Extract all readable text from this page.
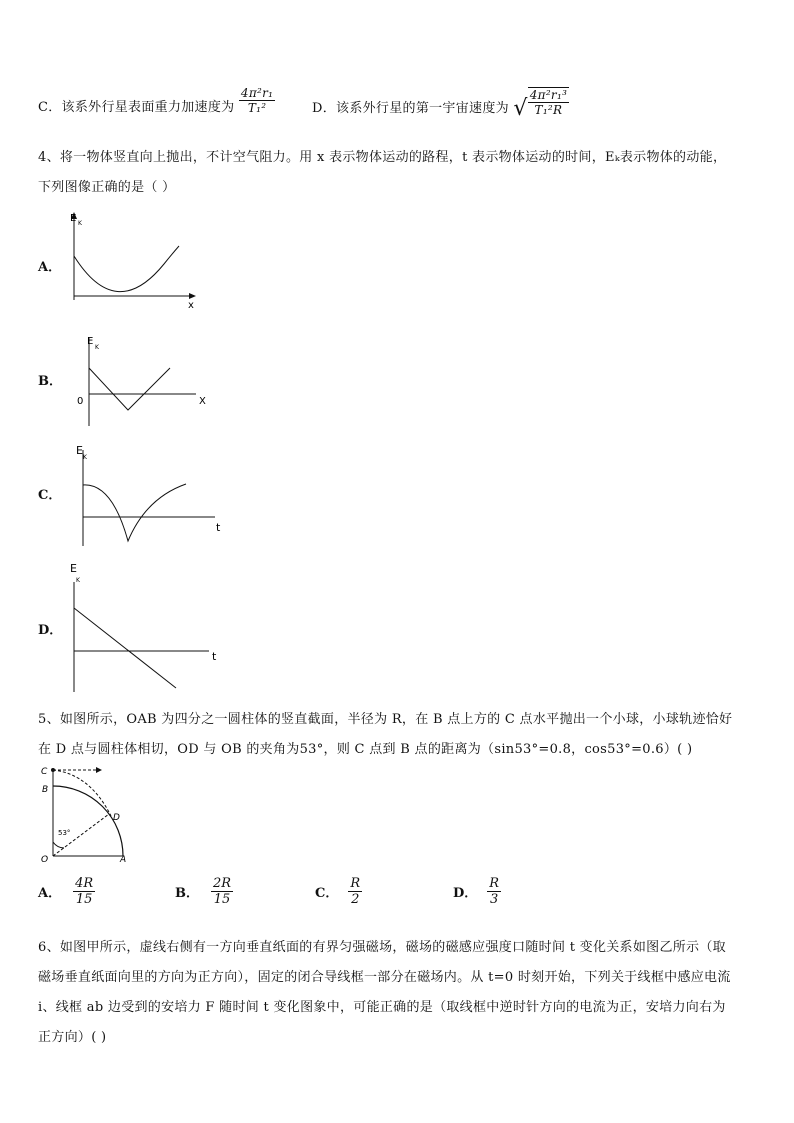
C．该系外行星表面重力加速度为 $\frac{\text{4π²r₁}}{\text{T₁²}}$	D．该系外行星的第一宇宙速度为 √ $\frac{\text{4π²r₁³}}{\text{T₁²R}}$
4、将一物体竖直向上抛出，不计空气阻力。用 x 表示物体运动的路程，t 表示物体运动的时间，Eₖ表示物体的动能，
下列图像正确的是（ ）
A．
E K
x
B．
E
K
X
0
C．
E
K
t
D．
E
K
t
5、如图所示，OAB 为四分之一圆柱体的竖直截面，半径为 R，在 B 点上方的 C 点水平抛出一个小球，小球轨迹恰好
在 D 点与圆柱体相切，OD 与 OB 的夹角为53°，则 C 点到 B 点的距离为（sin53°=0.8，cos53°=0.6）( )
C
B
D
O	A
53°
A． $\frac{4R}{15}$	B． $\frac{2R}{15}$	C． $\frac{R}{2}$	D． $\frac{R}{3}$
6、如图甲所示，虚线右侧有一方向垂直纸面的有界匀强磁场，磁场的磁感应强度口随时间 t 变化关系如图乙所示（取
磁场垂直纸面向里的方向为正方向），固定的闭合导线框一部分在磁场内。从 t=0 时刻开始，下列关于线框中感应电流
i、线框 ab 边受到的安培力 F 随时间 t 变化图象中，可能正确的是（取线框中逆时针方向的电流为正，安培力向右为
正方向）( )
